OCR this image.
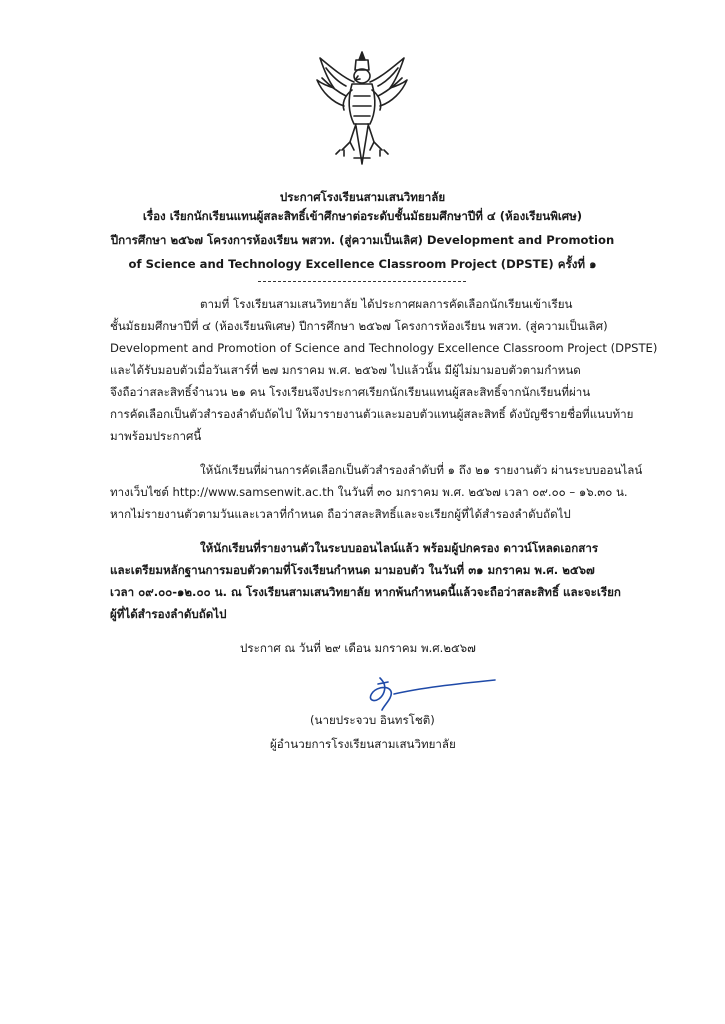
ประกาศโรงเรียนสามเสนวิทยาลัย
เรื่อง เรียกนักเรียนแทนผู้สละสิทธิ์เข้าศึกษาต่อระดับชั้นมัธยมศึกษาปีที่ ๔ (ห้องเรียนพิเศษ)
ปีการศึกษา ๒๕๖๗ โครงการห้องเรียน พสวท. (สู่ความเป็นเลิศ) Development and Promotion
of Science and Technology Excellence Classroom Project (DPSTE) ครั้งที่ ๑
ตามที่ โรงเรียนสามเสนวิทยาลัย ได้ประกาศผลการคัดเลือกนักเรียนเข้าเรียน
ชั้นมัธยมศึกษาปีที่ ๔ (ห้องเรียนพิเศษ) ปีการศึกษา ๒๕๖๗ โครงการห้องเรียน พสวท. (สู่ความเป็นเลิศ)
Development and Promotion of Science and Technology Excellence Classroom Project (DPSTE)
และได้รับมอบตัวเมื่อวันเสาร์ที่ ๒๗ มกราคม พ.ศ. ๒๕๖๗ ไปแล้วนั้น มีผู้ไม่มามอบตัวตามกำหนด
จึงถือว่าสละสิทธิ์จำนวน ๒๑ คน โรงเรียนจึงประกาศเรียกนักเรียนแทนผู้สละสิทธิ์จากนักเรียนที่ผ่าน
การคัดเลือกเป็นตัวสำรองลำดับถัดไป ให้มารายงานตัวและมอบตัวแทนผู้สละสิทธิ์ ดังบัญชีรายชื่อที่แนบท้าย
มาพร้อมประกาศนี้
ให้นักเรียนที่ผ่านการคัดเลือกเป็นตัวสำรองลำดับที่ ๑ ถึง ๒๑ รายงานตัว ผ่านระบบออนไลน์
ทางเว็บไซต์ http://www.samsenwit.ac.th ในวันที่ ๓๐ มกราคม พ.ศ. ๒๕๖๗ เวลา ๐๙.๐๐ – ๑๖.๓๐ น.
หากไม่รายงานตัวตามวันและเวลาที่กำหนด ถือว่าสละสิทธิ์และจะเรียกผู้ที่ได้สำรองลำดับถัดไป
ให้นักเรียนที่รายงานตัวในระบบออนไลน์แล้ว พร้อมผู้ปกครอง ดาวน์โหลดเอกสาร
และเตรียมหลักฐานการมอบตัวตามที่โรงเรียนกำหนด มามอบตัว ในวันที่ ๓๑ มกราคม พ.ศ. ๒๕๖๗
เวลา ๐๙.๐๐-๑๒.๐๐ น. ณ โรงเรียนสามเสนวิทยาลัย หากพ้นกำหนดนี้แล้วจะถือว่าสละสิทธิ์ และจะเรียก
ผู้ที่ได้สำรองลำดับถัดไป
ประกาศ ณ วันที่ ๒๙ เดือน มกราคม พ.ศ.๒๕๖๗
(นายประจวบ อินทรโชติ)
ผู้อำนวยการโรงเรียนสามเสนวิทยาลัย
